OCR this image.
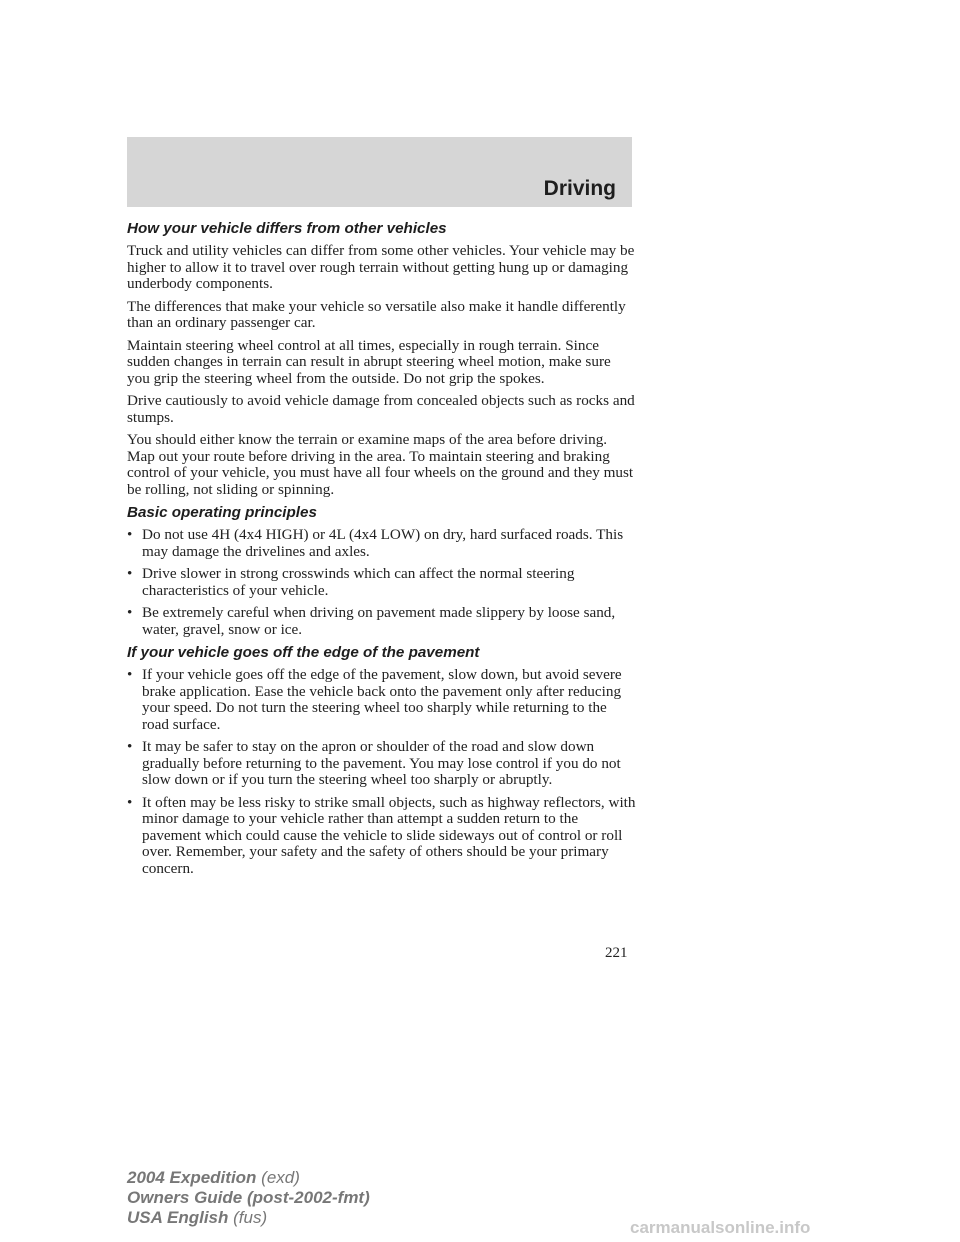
Driving
How your vehicle differs from other vehicles

Truck and utility vehicles can differ from some other vehicles. Your vehicle may be higher to allow it to travel over rough terrain without getting hung up or damaging underbody components.

The differences that make your vehicle so versatile also make it handle differently than an ordinary passenger car.

Maintain steering wheel control at all times, especially in rough terrain. Since sudden changes in terrain can result in abrupt steering wheel motion, make sure you grip the steering wheel from the outside. Do not grip the spokes.

Drive cautiously to avoid vehicle damage from concealed objects such as rocks and stumps.

You should either know the terrain or examine maps of the area before driving. Map out your route before driving in the area. To maintain steering and braking control of your vehicle, you must have all four wheels on the ground and they must be rolling, not sliding or spinning.

Basic operating principles
• Do not use 4H (4x4 HIGH) or 4L (4x4 LOW) on dry, hard surfaced roads. This may damage the drivelines and axles.
• Drive slower in strong crosswinds which can affect the normal steering characteristics of your vehicle.
• Be extremely careful when driving on pavement made slippery by loose sand, water, gravel, snow or ice.
If your vehicle goes off the edge of the pavement
• If your vehicle goes off the edge of the pavement, slow down, but avoid severe brake application. Ease the vehicle back onto the pavement only after reducing your speed. Do not turn the steering wheel too sharply while returning to the road surface.
• It may be safer to stay on the apron or shoulder of the road and slow down gradually before returning to the pavement. You may lose control if you do not slow down or if you turn the steering wheel too sharply or abruptly.
• It often may be less risky to strike small objects, such as highway reflectors, with minor damage to your vehicle rather than attempt a sudden return to the pavement which could cause the vehicle to slide sideways out of control or roll over. Remember, your safety and the safety of others should be your primary concern.
221
2004 Expedition (exd)
Owners Guide (post-2002-fmt)
USA English (fus)
carmanualsonline.info
